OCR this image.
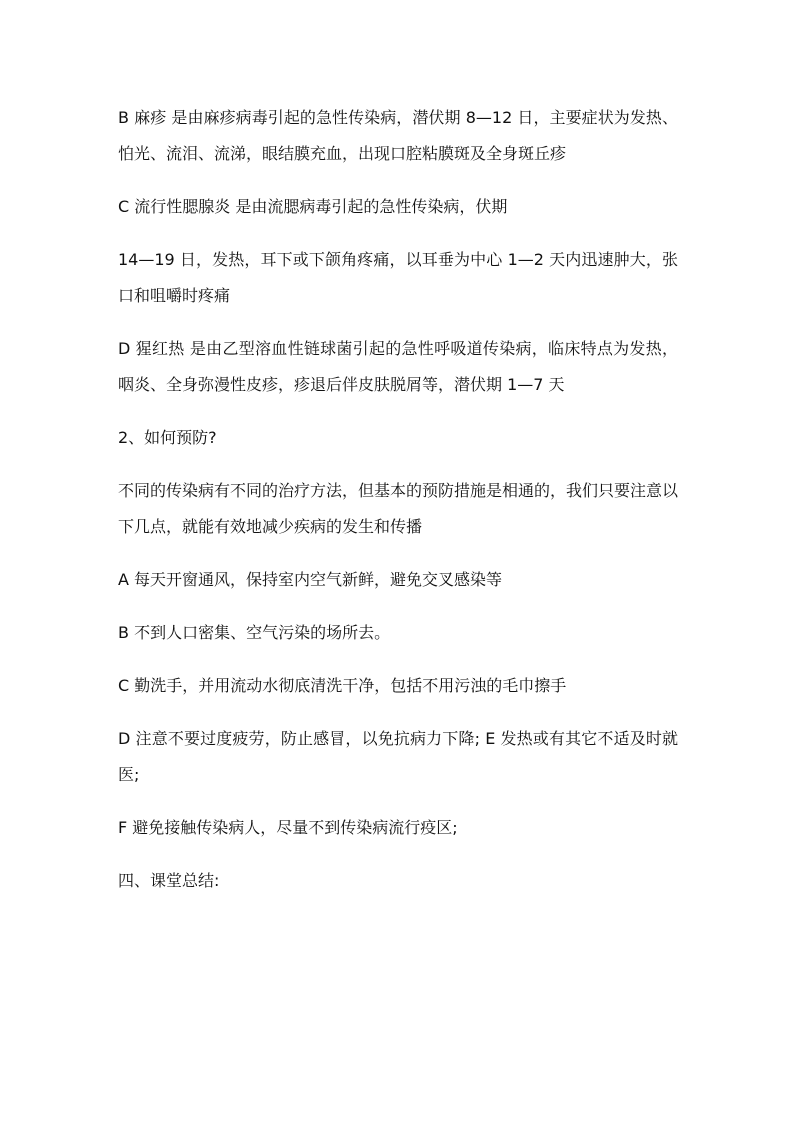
B 麻疹 是由麻疹病毒引起的急性传染病，潜伏期 8—12 日，主要症状为发热、怕光、流泪、流涕，眼结膜充血，出现口腔粘膜斑及全身斑丘疹

C 流行性腮腺炎 是由流腮病毒引起的急性传染病，伏期

14—19 日，发热，耳下或下颌角疼痛，以耳垂为中心 1—2 天内迅速肿大，张口和咀嚼时疼痛

D 猩红热 是由乙型溶血性链球菌引起的急性呼吸道传染病，临床特点为发热，咽炎、全身弥漫性皮疹，疹退后伴皮肤脱屑等，潜伏期 1—7 天

2、如何预防?

不同的传染病有不同的治疗方法，但基本的预防措施是相通的，我们只要注意以下几点，就能有效地减少疾病的发生和传播

A 每天开窗通风，保持室内空气新鲜，避免交叉感染等

B 不到人口密集、空气污染的场所去。

C 勤洗手，并用流动水彻底清洗干净，包括不用污浊的毛巾擦手

D 注意不要过度疲劳，防止感冒，以免抗病力下降; E 发热或有其它不适及时就医;

F 避免接触传染病人，尽量不到传染病流行疫区;

四、课堂总结:
